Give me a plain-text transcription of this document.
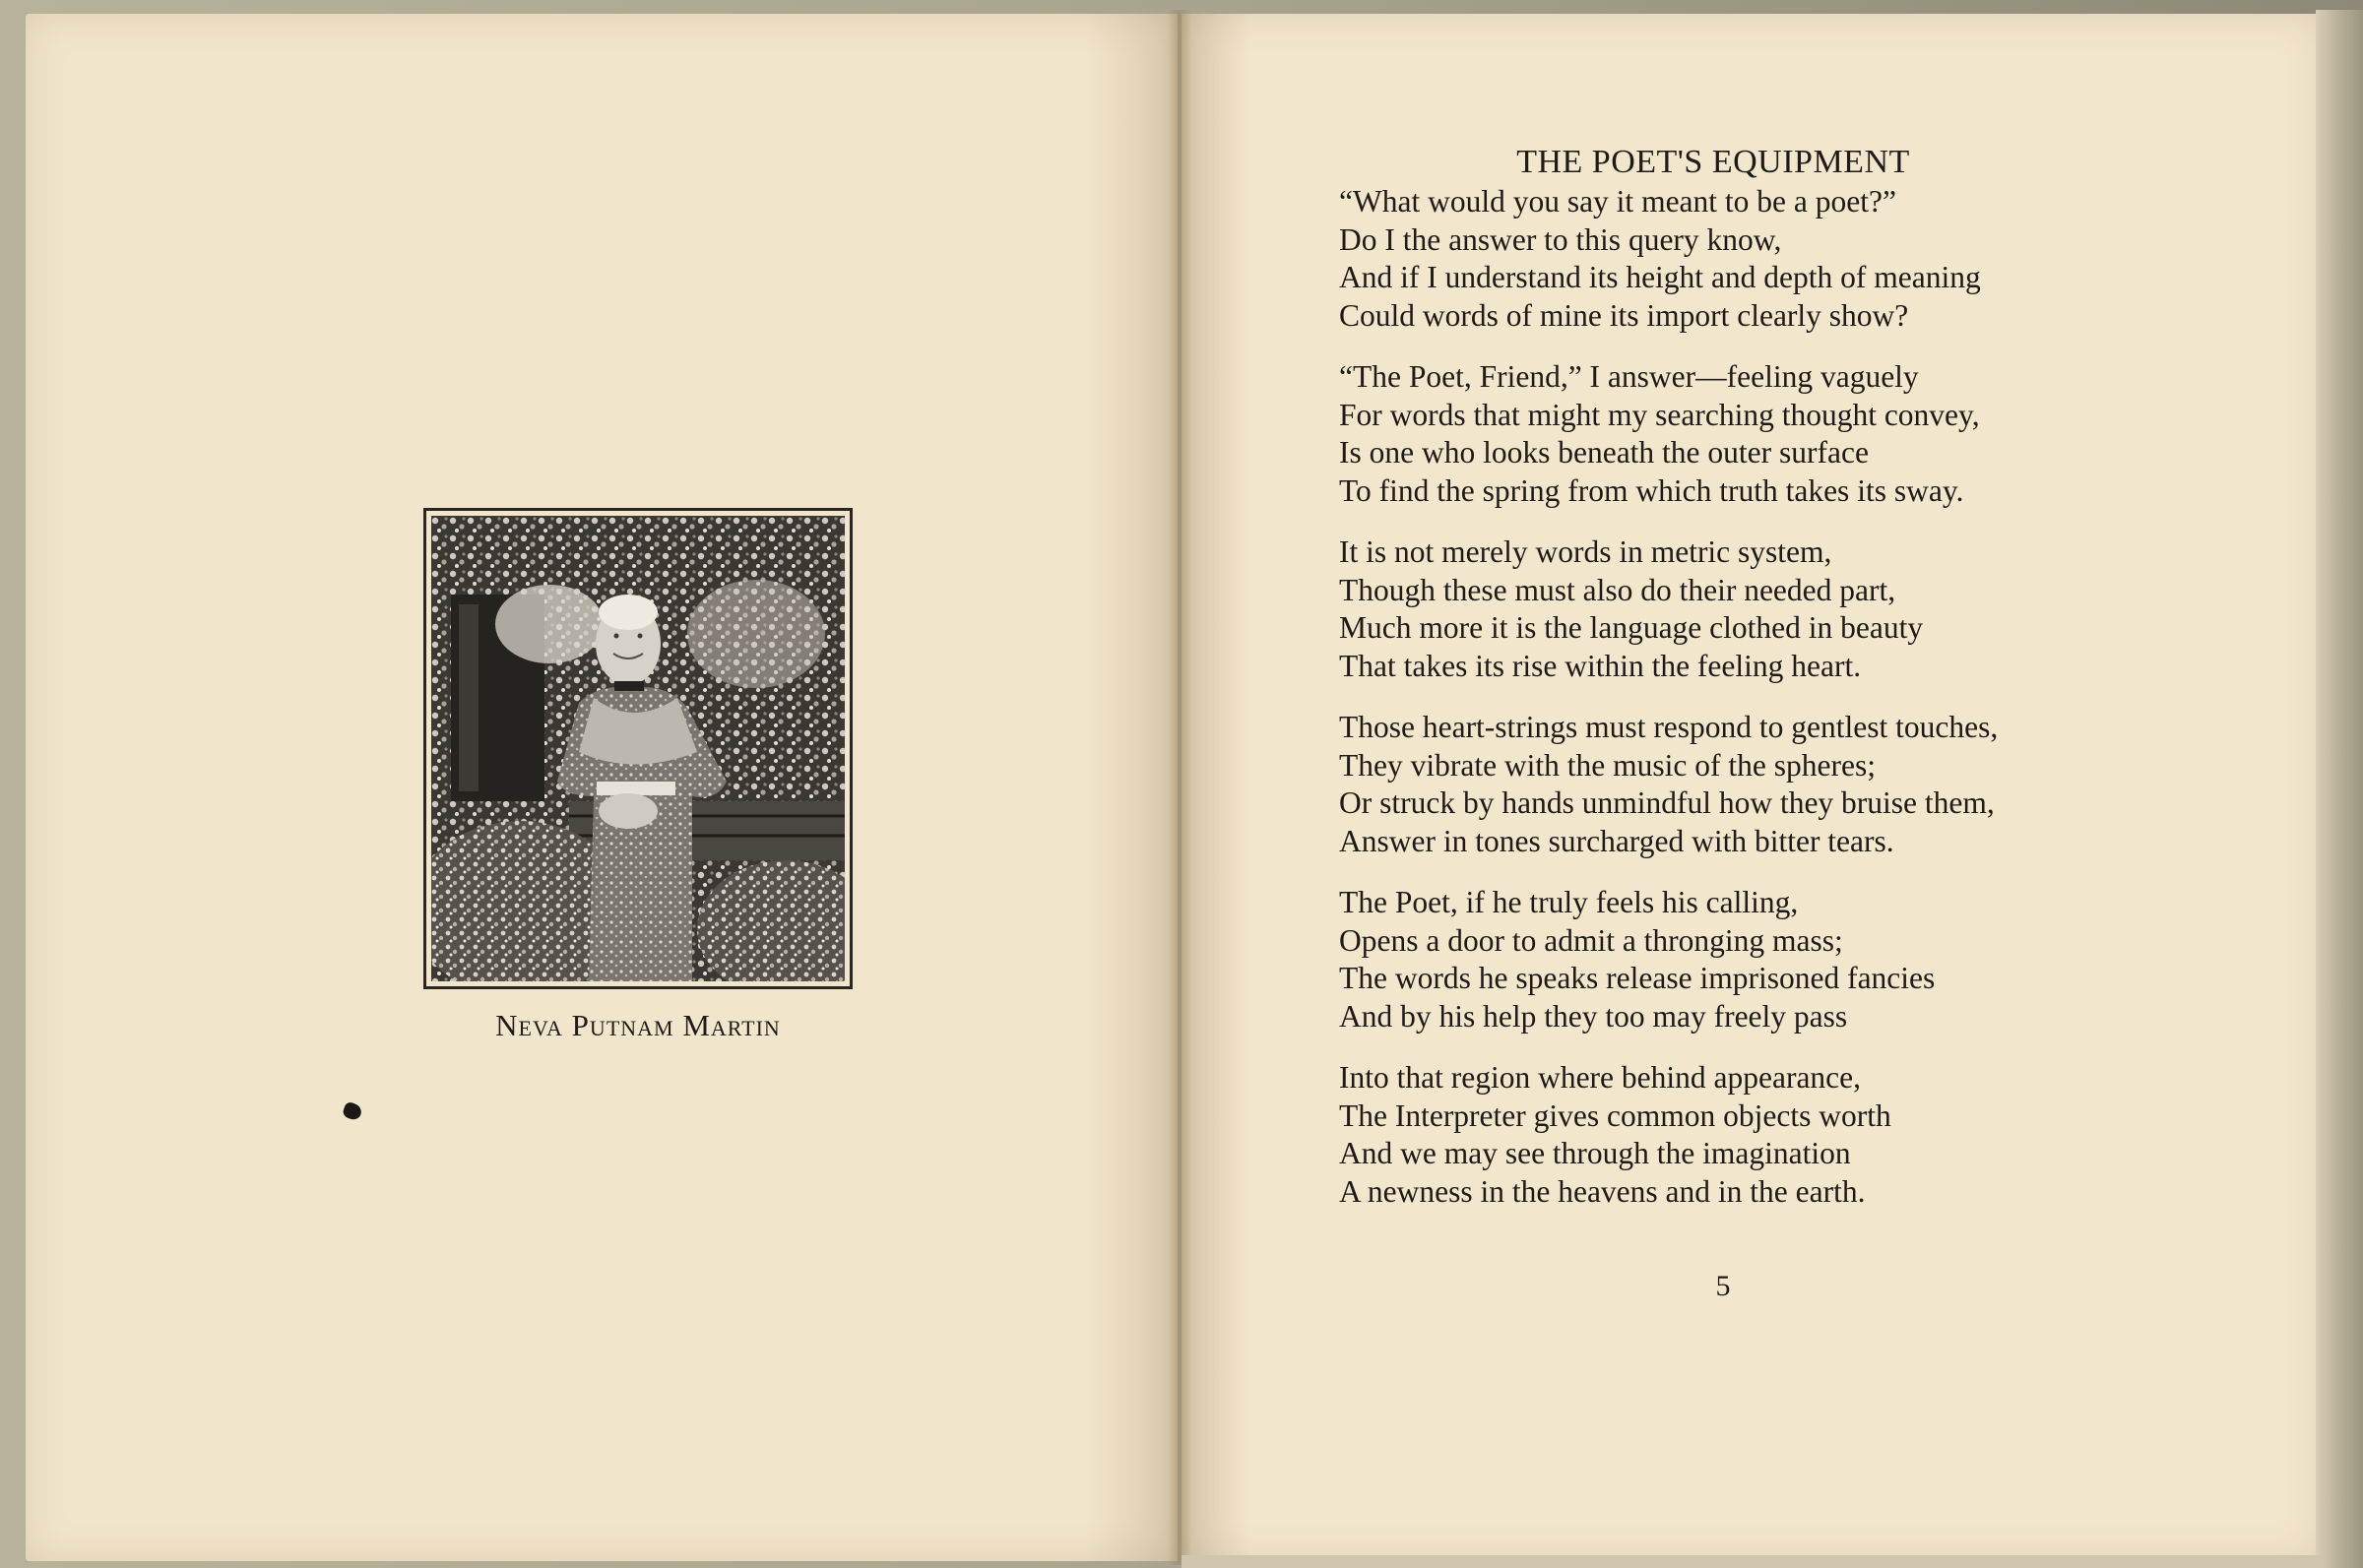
Neva Putnam Martin
THE POET'S EQUIPMENT
“What would you say it meant to be a poet?”
Do I the answer to this query know,
And if I understand its height and depth of meaning
Could words of mine its import clearly show?
“The Poet, Friend,” I answer—feeling vaguely
For words that might my searching thought convey,
Is one who looks beneath the outer surface
To find the spring from which truth takes its sway.
It is not merely words in metric system,
Though these must also do their needed part,
Much more it is the language clothed in beauty
That takes its rise within the feeling heart.
Those heart-strings must respond to gentlest touches,
They vibrate with the music of the spheres;
Or struck by hands unmindful how they bruise them,
Answer in tones surcharged with bitter tears.
The Poet, if he truly feels his calling,
Opens a door to admit a thronging mass;
The words he speaks release imprisoned fancies
And by his help they too may freely pass
Into that region where behind appearance,
The Interpreter gives common objects worth
And we may see through the imagination
A newness in the heavens and in the earth.
5
